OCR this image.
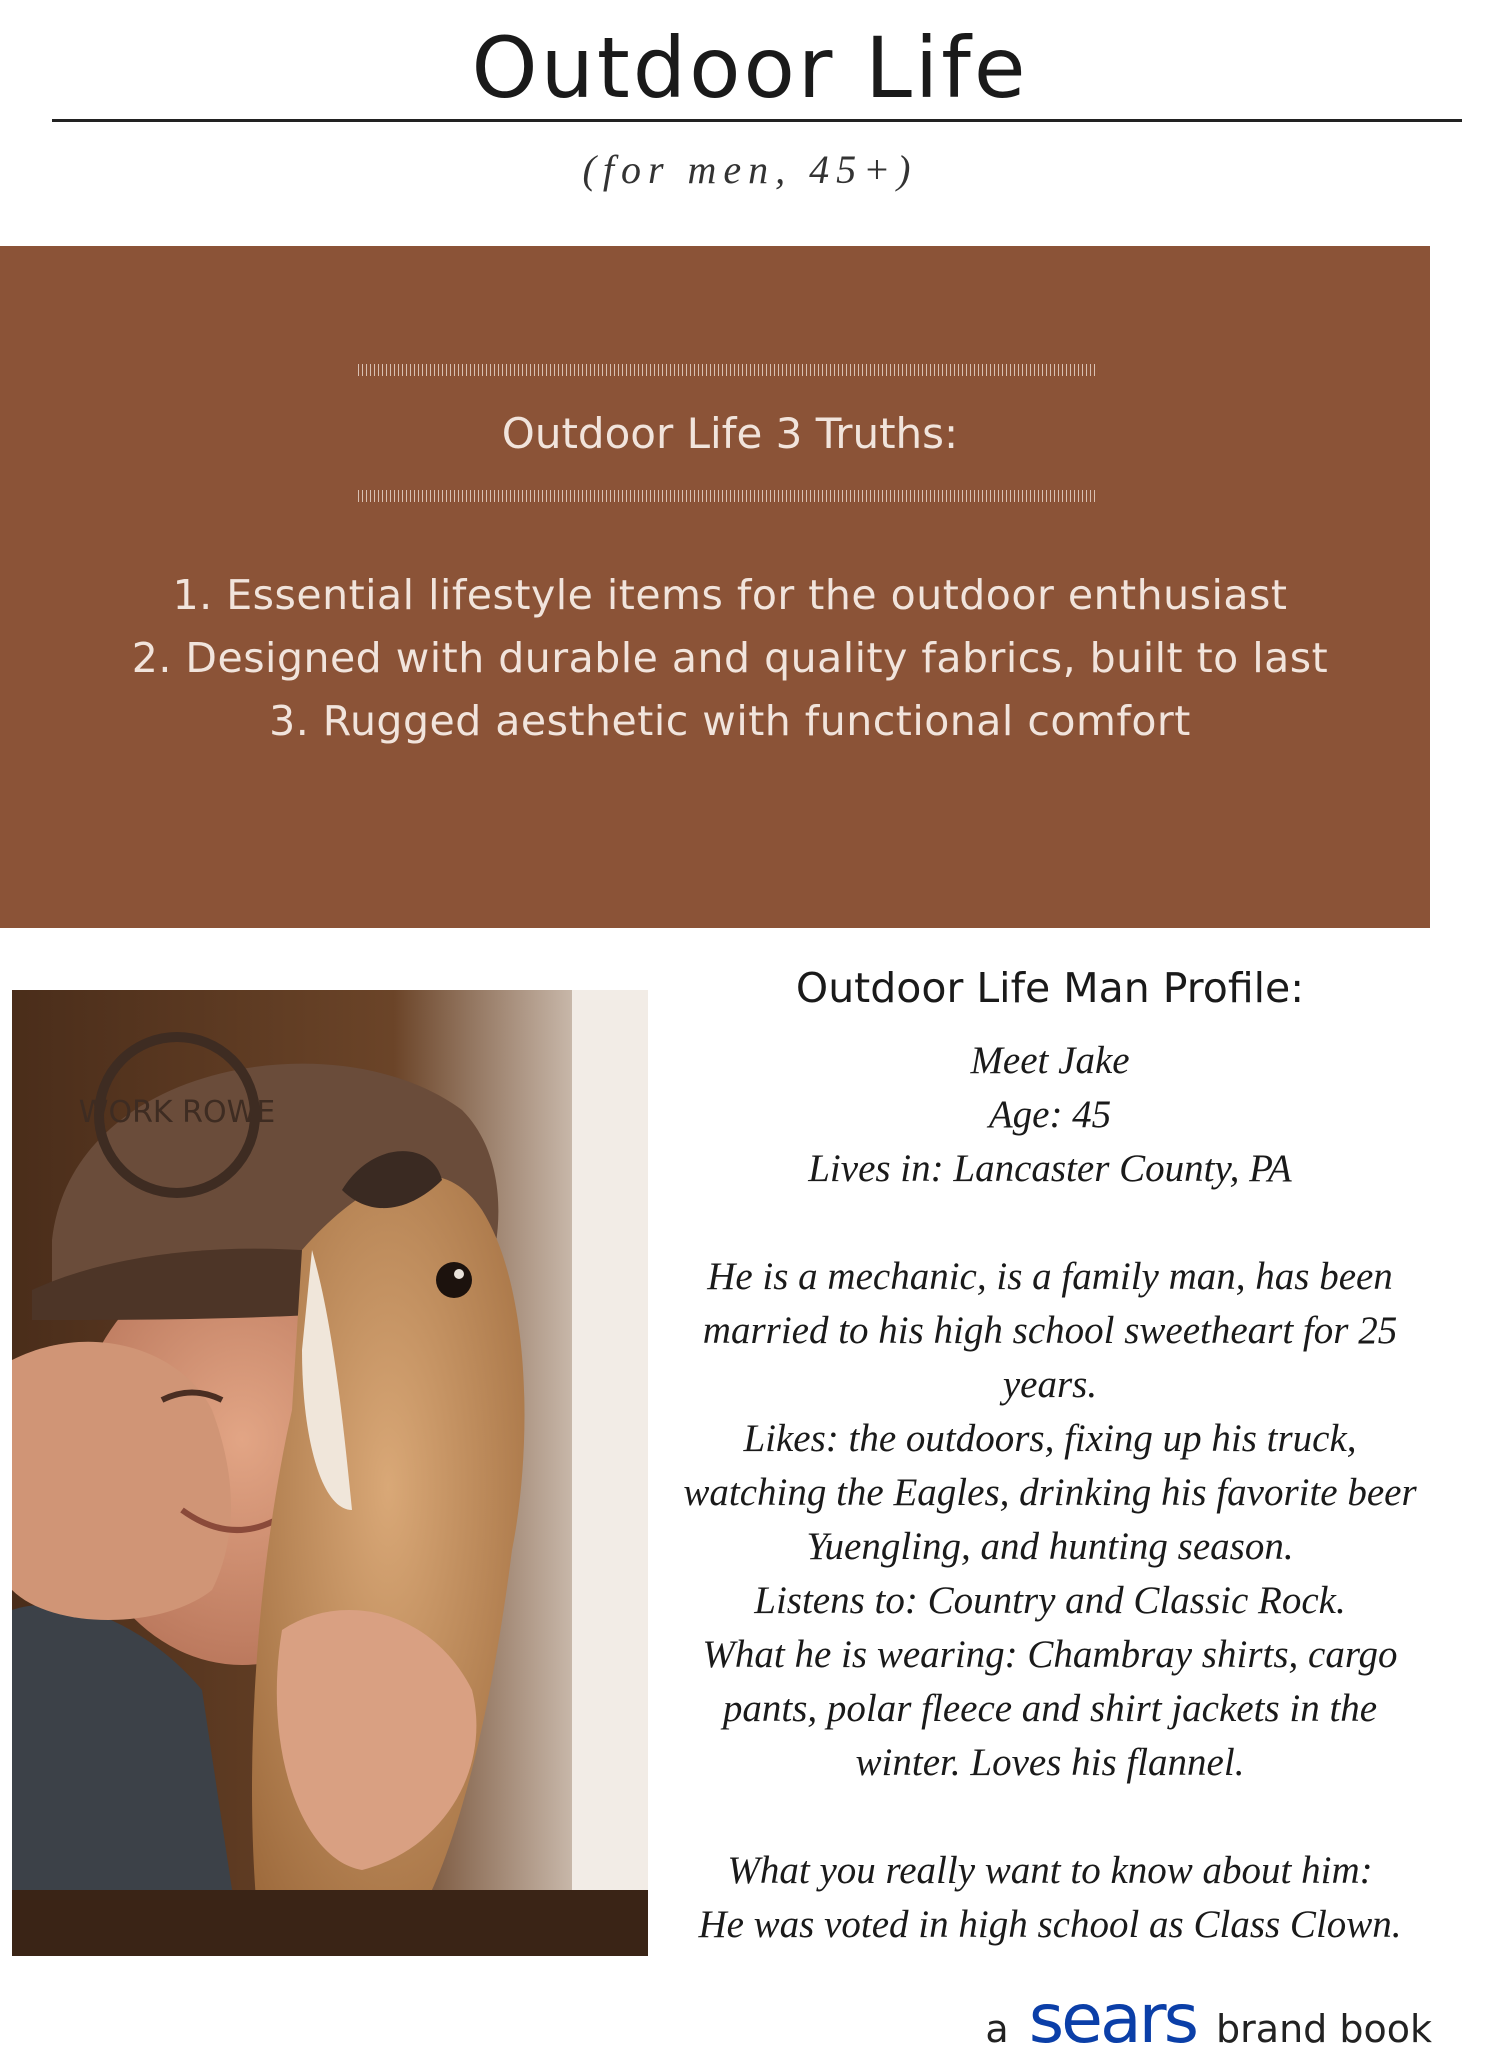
Outdoor Life
(for men, 45+)
Outdoor Life 3 Truths:
1. Essential lifestyle items for the outdoor enthusiast
2. Designed with durable and quality fabrics, built to last
3. Rugged aesthetic with functional comfort
WORK ROWE
Outdoor Life Man Profile:

Meet Jake

Age: 45

Lives in: Lancaster County, PA

He is a mechanic, is a family man, has been married to his high school sweetheart for 25 years.

Likes: the outdoors, fixing up his truck, watching the Eagles, drinking his favorite beer Yuengling, and hunting season.

Listens to: Country and Classic Rock.

What he is wearing: Chambray shirts, cargo pants, polar fleece and shirt jackets in the winter. Loves his flannel.

What you really want to know about him:

He was voted in high school as Class Clown.

a sears brand book
